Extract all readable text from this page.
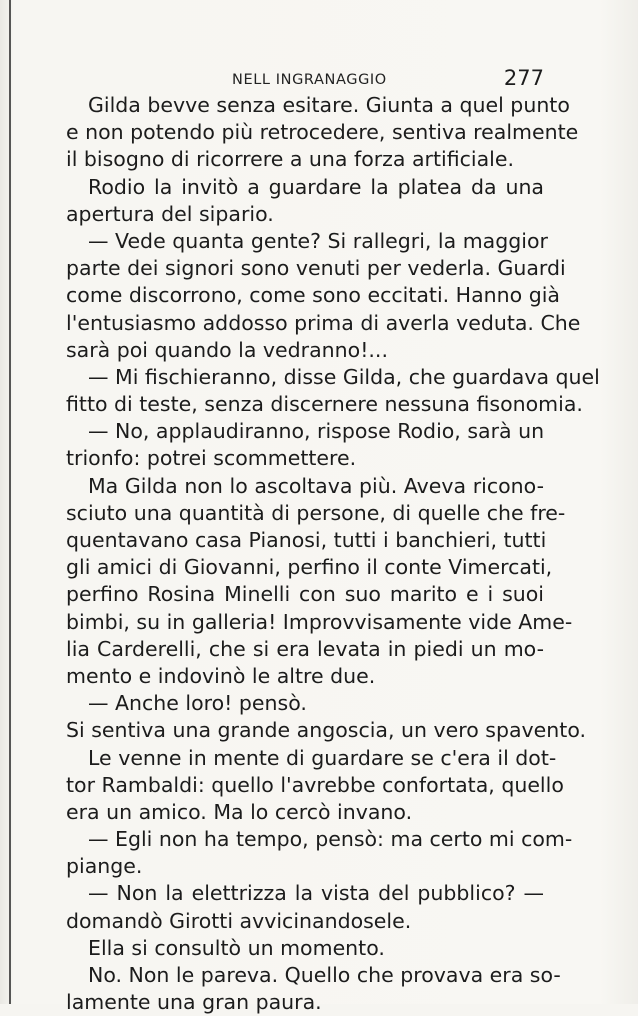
NELL INGRANAGGIO	277
Gilda bevve senza esitare. Giunta a quel punto
e non potendo più retrocedere, sentiva realmente
il bisogno di ricorrere a una forza artificiale.
Rodio la invitò a guardare la platea da una
apertura del sipario.
— Vede quanta gente? Si rallegri, la maggior
parte dei signori sono venuti per vederla. Guardi
come discorrono, come sono eccitati. Hanno già
l'entusiasmo addosso prima di averla veduta. Che
sarà poi quando la vedranno!...
— Mi fischieranno, disse Gilda, che guardava quel
fitto di teste, senza discernere nessuna fisonomia.
— No, applaudiranno, rispose Rodio, sarà un
trionfo: potrei scommettere.
Ma Gilda non lo ascoltava più. Aveva ricono-
sciuto una quantità di persone, di quelle che fre-
quentavano casa Pianosi, tutti i banchieri, tutti
gli amici di Giovanni, perfino il conte Vimercati,
perfino Rosina Minelli con suo marito e i suoi
bimbi, su in galleria! Improvvisamente vide Ame-
lia Carderelli, che si era levata in piedi un mo-
mento e indovinò le altre due.
— Anche loro! pensò.
Si sentiva una grande angoscia, un vero spavento.
Le venne in mente di guardare se c'era il dot-
tor Rambaldi: quello l'avrebbe confortata, quello
era un amico. Ma lo cercò invano.
— Egli non ha tempo, pensò: ma certo mi com-
piange.
— Non la elettrizza la vista del pubblico? —
domandò Girotti avvicinandosele.
Ella si consultò un momento.
No. Non le pareva. Quello che provava era so-
lamente una gran paura.
